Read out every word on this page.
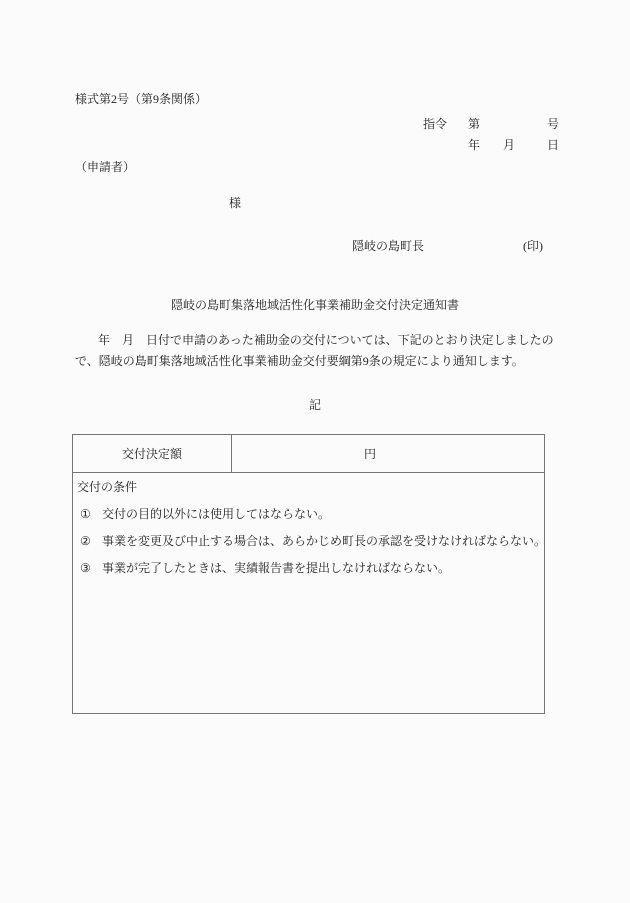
様式第2号（第9条関係）
指令 第	号
年 月	日
（申請者）
様
隠岐の島町長	(印)
隠岐の島町集落地域活性化事業補助金交付決定通知書
年　月　日付で申請のあった補助金の交付については、下記のとおり決定しましたの
で、隠岐の島町集落地域活性化事業補助金交付要綱第9条の規定により通知します。
記
交付決定額	円
交付の条件
① 交付の目的以外には使用してはならない。
② 事業を変更及び中止する場合は、あらかじめ町長の承認を受けなければならない。
③ 事業が完了したときは、実績報告書を提出しなければならない。
